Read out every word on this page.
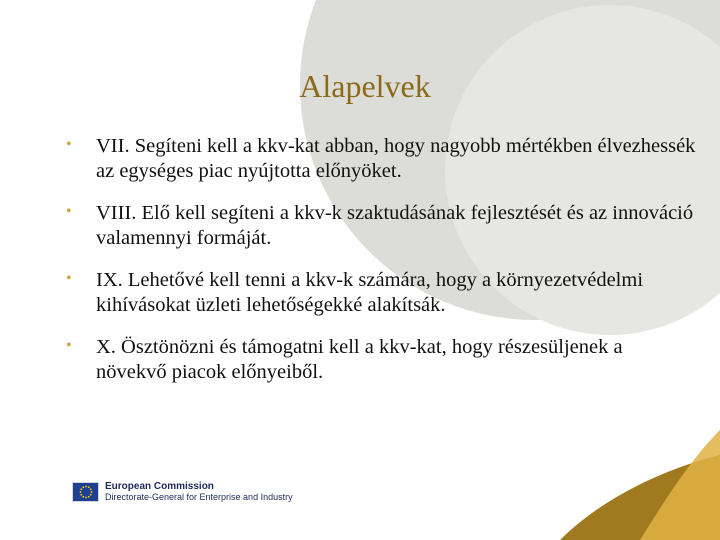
Alapelvek
• VII. Segíteni kell a kkv-kat abban, hogy nagyobb mértékben élvezhessék az egységes piac nyújtotta előnyöket.
• VIII. Elő kell segíteni a kkv-k szaktudásának fejlesztését és az innováció valamennyi formáját.
• IX. Lehetővé kell tenni a kkv-k számára, hogy a környezetvédelmi kihívásokat üzleti lehetőségekké alakítsák.
• X. Ösztönözni és támogatni kell a kkv-kat, hogy részesüljenek a növekvő piacok előnyeiből.
European Commission
Directorate-General for Enterprise and Industry
